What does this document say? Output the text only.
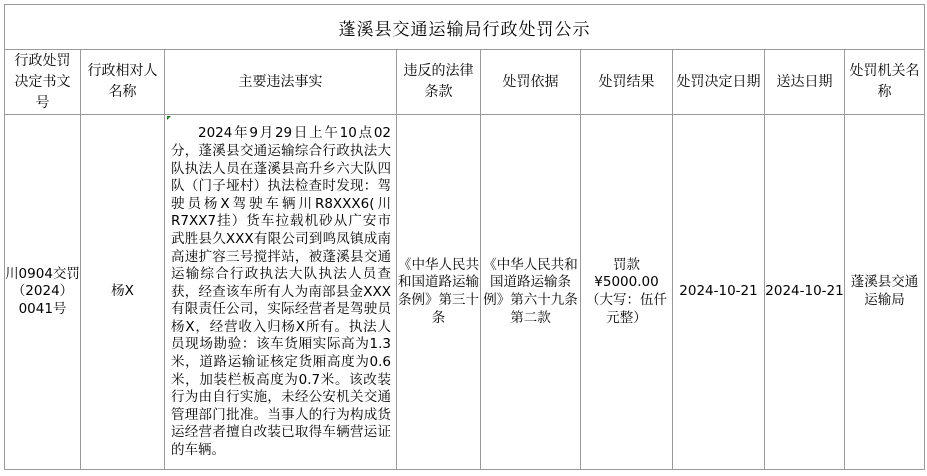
蓬溪县交通运输局行政处罚公示								
行政处罚决定书文号	行政相对人名称	主要违法事实	违反的法律条款	处罚依据	处罚结果	处罚决定日期	送达日期	处罚机关名称
川0904交罚（2024）0041号	杨X	2024年9月29日上午10点02分，蓬溪县交通运输综合行政执法大队执法人员在蓬溪县高升乡六大队四队（门子垭村）执法检查时发现：驾驶员杨X驾驶车辆川R8XXX6(川R7XX7挂）货车拉载机砂从广安市武胜县久XXX有限公司到鸣凤镇成南高速扩容三号搅拌站，被蓬溪县交通运输综合行政执法大队执法人员查获，经查该车所有人为南部县金XXX有限责任公司，实际经营者是驾驶员杨X，经营收入归杨X所有。执法人员现场勘验：该车货厢实际高为1.3米，道路运输证核定货厢高度为0.6米，加装栏板高度为0.7米。该改装行为由自行实施，未经公安机关交通管理部门批准。当事人的行为构成货运经营者擅自改装已取得车辆营运证的车辆。	《中华人民共和国道路运输条例》第三十条	《中华人民共和国道路运输条例》第六十九条第二款	罚款¥5000.00（大写：伍仟元整）	2024-10-21	2024-10-21	蓬溪县交通运输局
